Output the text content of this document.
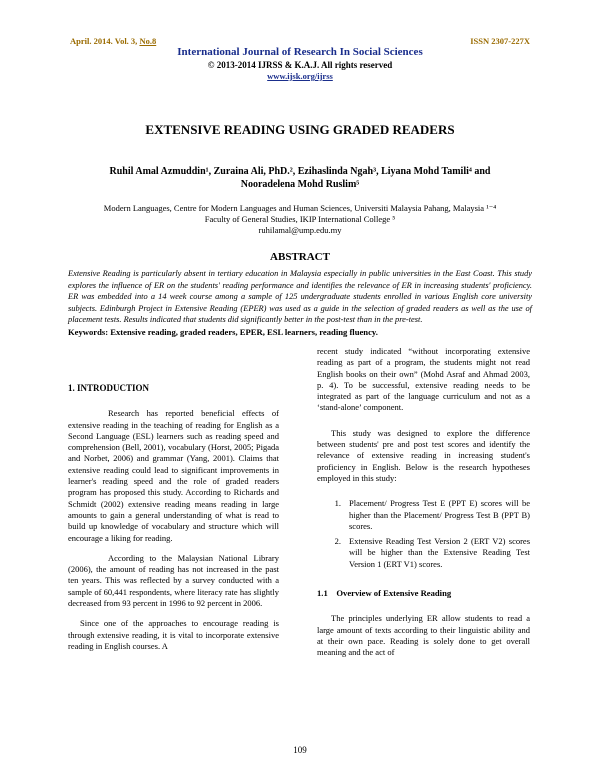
April. 2014. Vol. 3, No.8	ISSN 2307-227X
International Journal of Research In Social Sciences
© 2013-2014 IJRSS & K.A.J. All rights reserved
www.ijsk.org/ijrss
EXTENSIVE READING USING GRADED READERS
Ruhil Amal Azmuddin¹, Zuraina Ali, PhD.², Ezihaslinda Ngah³, Liyana Mohd Tamili⁴ and
Nooradelena Mohd Ruslim⁵
Modern Languages, Centre for Modern Languages and Human Sciences, Universiti Malaysia Pahang, Malaysia ¹⁻⁴
Faculty of General Studies, IKIP International College ⁵
ruhilamal@ump.edu.my
ABSTRACT
Extensive Reading is particularly absent in tertiary education in Malaysia especially in public universities in the East Coast. This study explores the influence of ER on the students' reading performance and identifies the relevance of ER in increasing students' proficiency. ER was embedded into a 14 week course among a sample of 125 undergraduate students enrolled in various English core university subjects. Edinburgh Project in Extensive Reading (EPER) was used as a guide in the selection of graded readers as well as the use of placement tests. Results indicated that students did significantly better in the post-test than in the pre-test.
Keywords: Extensive reading, graded readers, EPER, ESL learners, reading fluency.

1. INTRODUCTION

Research has reported beneficial effects of extensive reading in the teaching of reading for English as a Second Language (ESL) learners such as reading speed and comprehension (Bell, 2001), vocabulary (Horst, 2005; Pigada and Norbet, 2006) and grammar (Yang, 2001). Claims that extensive reading could lead to significant improvements in learner's reading speed and the role of graded readers program has proposed this study. According to Richards and Schmidt (2002) extensive reading means reading in large amounts to gain a general understanding of what is read to build up knowledge of vocabulary and structure which will encourage a liking for reading.

According to the Malaysian National Library (2006), the amount of reading has not increased in the past ten years. This was reflected by a survey conducted with a sample of 60,441 respondents, where literacy rate has slightly decreased from 93 percent in 1996 to 92 percent in 2006.

Since one of the approaches to encourage reading is through extensive reading, it is vital to incorporate extensive reading in English courses. A

recent study indicated “without incorporating extensive reading as part of a program, the students might not read English books on their own” (Mohd Asraf and Ahmad 2003, p. 4). To be successful, extensive reading needs to be integrated as part of the language curriculum and not as a ‘stand-alone’ component.

This study was designed to explore the difference between students' pre and post test scores and identify the relevance of extensive reading in increasing student's proficiency in English. Below is the research hypotheses employed in this study:

1. Placement/ Progress Test E (PPT E) scores will be higher than the Placement/ Progress Test B (PPT B) scores.
2. Extensive Reading Test Version 2 (ERT V2) scores will be higher than the Extensive Reading Test Version 1 (ERT V1) scores.

1.1    Overview of Extensive Reading

The principles underlying ER allow students to read a large amount of texts according to their linguistic ability and at their own pace. Reading is solely done to get overall meaning and the act of

109
